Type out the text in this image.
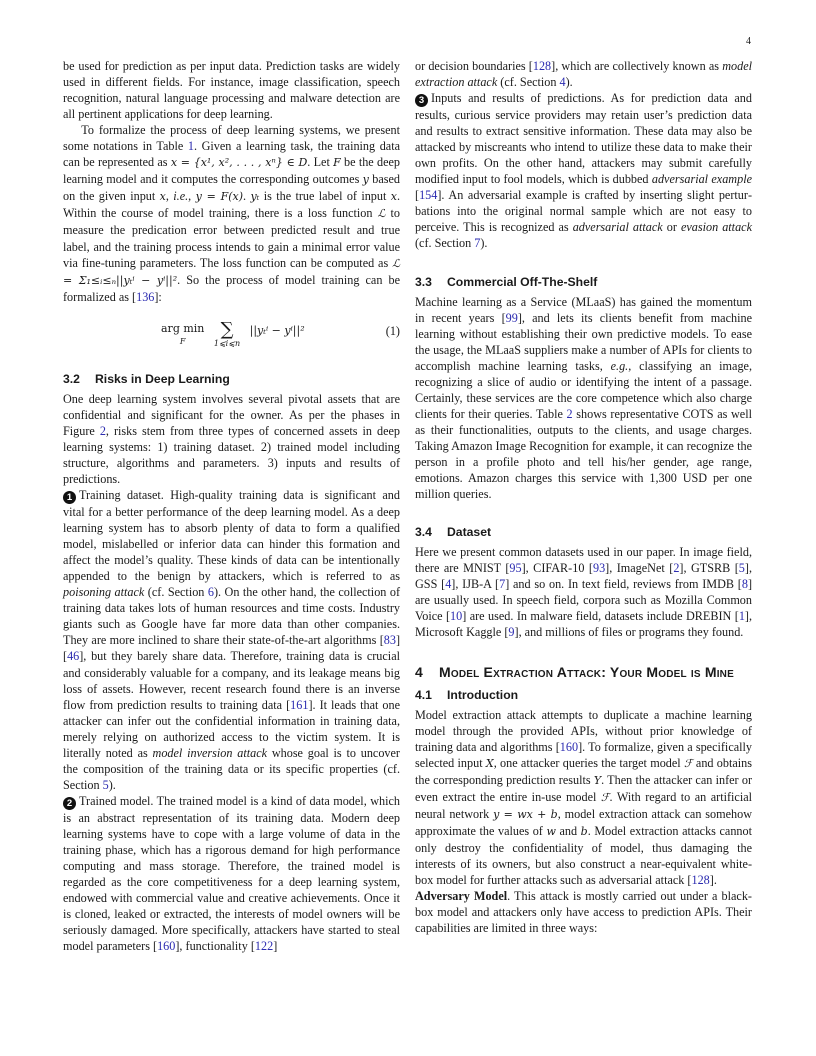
4

be used for prediction as per input data. Prediction tasks are widely used in different fields. For instance, image classification, speech recognition, natural language processing and malware detection are all pertinent applications for deep learning.

To formalize the process of deep learning systems, we present some notations in Table 1. Given a learning task, the training data can be represented as x = {x¹, x², . . . , xⁿ} ∈ D. Let F be the deep learning model and it computes the corresponding outcomes y based on the given input x, i.e., y = F(x). yₜ is the true label of input x. Within the course of model training, there is a loss function ℒ to measure the predication error between predicted result and true label, and the training process intends to gain a minimal error value via fine-tuning parameters. The loss function can be computed as ℒ = Σ₁≤ᵢ≤ₙ||yₜⁱ − yⁱ||². So the process of model training can be formalized as [136]:

arg min
F

∑
1⩽i⩽n
||yₜⁱ − yⁱ||²	(1)
3.2 Risks in Deep Learning

One deep learning system involves several pivotal assets that are confidential and significant for the owner. As per the phases in Figure 2, risks stem from three types of concerned assets in deep learning systems: 1) training dataset. 2) trained model including structure, algorithms and parameters. 3) inputs and results of predictions.

1 Training dataset. High-quality training data is significant and vital for a better performance of the deep learning model. As a deep learning system has to absorb plenty of data to form a qualified model, mislabelled or inferior data can hinder this formation and affect the model’s quality. These kinds of data can be intentionally appended to the benign by attackers, which is referred to as poisoning attack (cf. Section 6). On the other hand, the collection of training data takes lots of human resources and time costs. Industry giants such as Google have far more data than other companies. They are more inclined to share their state-of-the-art algorithms [83] [46], but they barely share data. Therefore, training data is crucial and considerably valuable for a company, and its leakage means big loss of assets. However, recent research found there is an inverse flow from prediction results to training data [161]. It leads that one attacker can infer out the confidential information in training data, merely relying on authorized access to the victim system. It is literally noted as model inversion attack whose goal is to uncover the composition of the training data or its specific properties (cf. Section 5).

2 Trained model. The trained model is a kind of data model, which is an abstract representation of its training data. Modern deep learning systems have to cope with a large volume of data in the training phase, which has a rigorous demand for high performance computing and mass storage. Therefore, the trained model is regarded as the core competitiveness for a deep learning system, endowed with commercial value and creative achievements. Once it is cloned, leaked or extracted, the interests of model owners will be seriously damaged. More specifically, attackers have started to steal model parameters [160], functionality [122]

or decision boundaries [128], which are collectively known as model extraction attack (cf. Section 4).

3 Inputs and results of predictions. As for prediction data and results, curious service providers may retain user’s prediction data and results to extract sensitive information. These data may also be attacked by miscreants who intend to utilize these data to make their own profits. On the other hand, attackers may submit carefully modified input to fool models, which is dubbed adversarial example [154]. An adversarial example is crafted by inserting slight perturbations into the original normal sample which are not easy to perceive. This is recognized as adversarial attack or evasion attack (cf. Section 7).

3.3 Commercial Off-The-Shelf

Machine learning as a Service (MLaaS) has gained the momentum in recent years [99], and lets its clients benefit from machine learning without establishing their own predictive models. To ease the usage, the MLaaS suppliers make a number of APIs for clients to accomplish machine learning tasks, e.g., classifying an image, recognizing a slice of audio or identifying the intent of a passage. Certainly, these services are the core competence which also charge clients for their queries. Table 2 shows representative COTS as well as their functionalities, outputs to the clients, and usage charges. Taking Amazon Image Recognition for example, it can recognize the person in a profile photo and tell his/her gender, age range, emotions. Amazon charges this service with 1,300 USD per one million queries.

3.4 Dataset

Here we present common datasets used in our paper. In image field, there are MNIST [95], CIFAR-10 [93], ImageNet [2], GTSRB [5], GSS [4], IJB-A [7] and so on. In text field, reviews from IMDB [8] are usually used. In speech field, corpora such as Mozilla Common Voice [10] are used. In malware field, datasets include DREBIN [1], Microsoft Kaggle [9], and millions of files or programs they found.

4 Model Extraction Attack: Your Model is Mine
4.1 Introduction

Model extraction attack attempts to duplicate a machine learning model through the provided APIs, without prior knowledge of training data and algorithms [160]. To formalize, given a specifically selected input X, one attacker queries the target model ℱ and obtains the corresponding prediction results Y. Then the attacker can infer or even extract the entire in-use model ℱ. With regard to an artificial neural network y = wx + b, model extraction attack can somehow approximate the values of w and b. Model extraction attacks cannot only destroy the confidentiality of model, thus damaging the interests of its owners, but also construct a near-equivalent white-box model for further attacks such as adversarial attack [128].

Adversary Model. This attack is mostly carried out under a black-box model and attackers only have access to prediction APIs. Their capabilities are limited in three ways:
